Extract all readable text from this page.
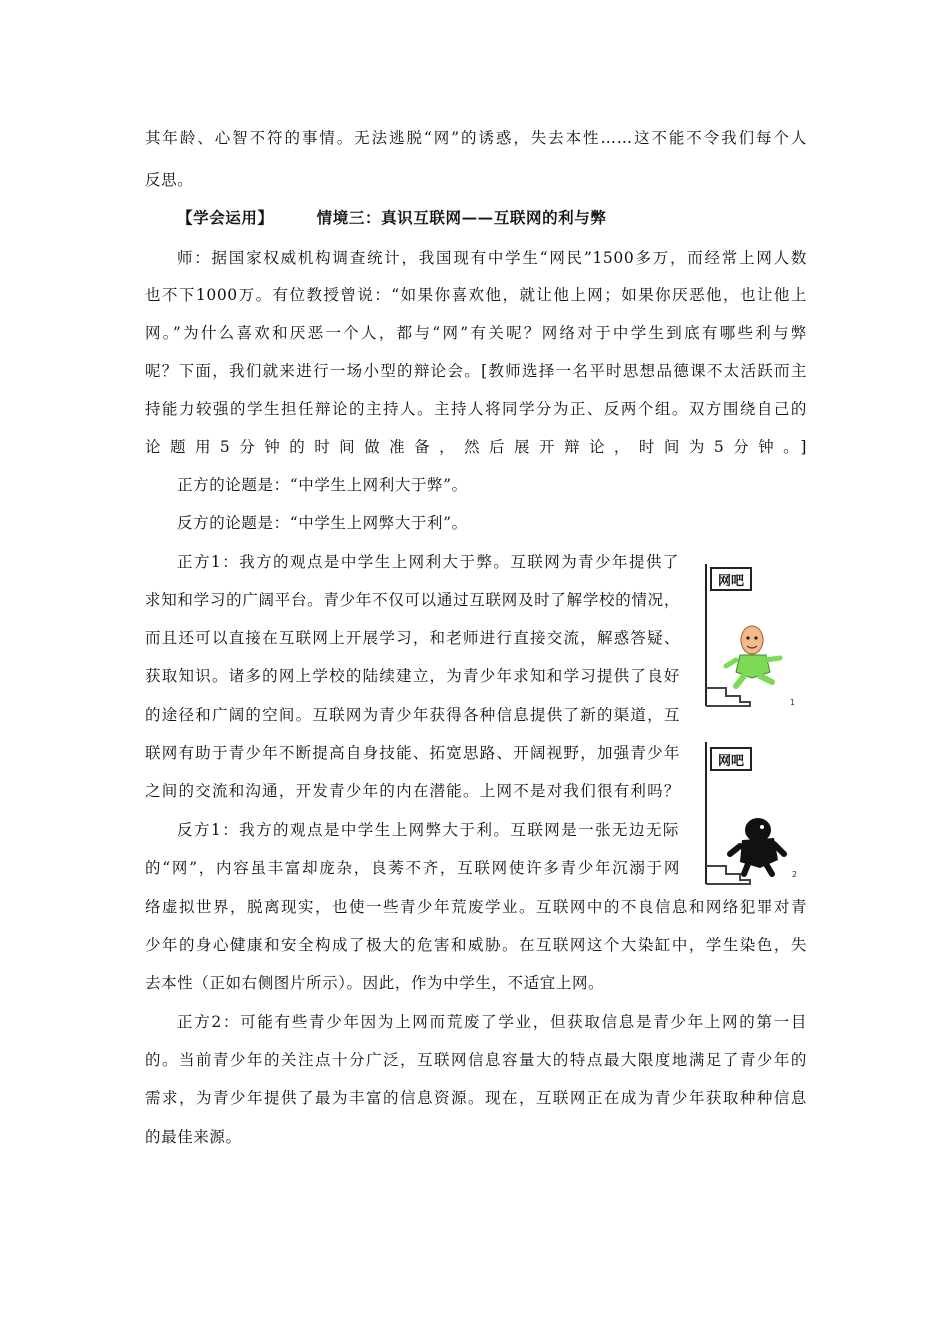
其年龄、心智不符的事情。无法逃脱“网”的诱惑，失去本性……这不能不令我们每个人
反思。
【学会运用】	情境三：真识互联网——互联网的利与弊
师：据国家权威机构调查统计，我国现有中学生“网民”1500多万，而经常上网人数
也不下1000万。有位教授曾说：“如果你喜欢他，就让他上网；如果你厌恶他，也让他上
网。”为什么喜欢和厌恶一个人，都与“网”有关呢？网络对于中学生到底有哪些利与弊
呢？下面，我们就来进行一场小型的辩论会。[教师选择一名平时思想品德课不太活跃而主
持能力较强的学生担任辩论的主持人。主持人将同学分为正、反两个组。双方围绕自己的
论题用5分钟的时间做准备，然后展开辩论，时间为5分钟。]
正方的论题是：“中学生上网利大于弊”。
反方的论题是：“中学生上网弊大于利”。
正方1：我方的观点是中学生上网利大于弊。互联网为青少年提供了
求知和学习的广阔平台。青少年不仅可以通过互联网及时了解学校的情况，
而且还可以直接在互联网上开展学习，和老师进行直接交流，解惑答疑、
获取知识。诸多的网上学校的陆续建立，为青少年求知和学习提供了良好
的途径和广阔的空间。互联网为青少年获得各种信息提供了新的渠道，互
联网有助于青少年不断提高自身技能、拓宽思路、开阔视野，加强青少年
之间的交流和沟通，开发青少年的内在潜能。上网不是对我们很有利吗？
反方1：我方的观点是中学生上网弊大于利。互联网是一张无边无际
的“网”，内容虽丰富却庞杂，良莠不齐，互联网使许多青少年沉溺于网
络虚拟世界，脱离现实，也使一些青少年荒废学业。互联网中的不良信息和网络犯罪对青
少年的身心健康和安全构成了极大的危害和威胁。在互联网这个大染缸中，学生染色，失
去本性（正如右侧图片所示）。因此，作为中学生，不适宜上网。
正方2：可能有些青少年因为上网而荒废了学业，但获取信息是青少年上网的第一目
的。当前青少年的关注点十分广泛，互联网信息容量大的特点最大限度地满足了青少年的
需求，为青少年提供了最为丰富的信息资源。现在，互联网正在成为青少年获取种种信息
的最佳来源。
网吧
1
网吧
2
